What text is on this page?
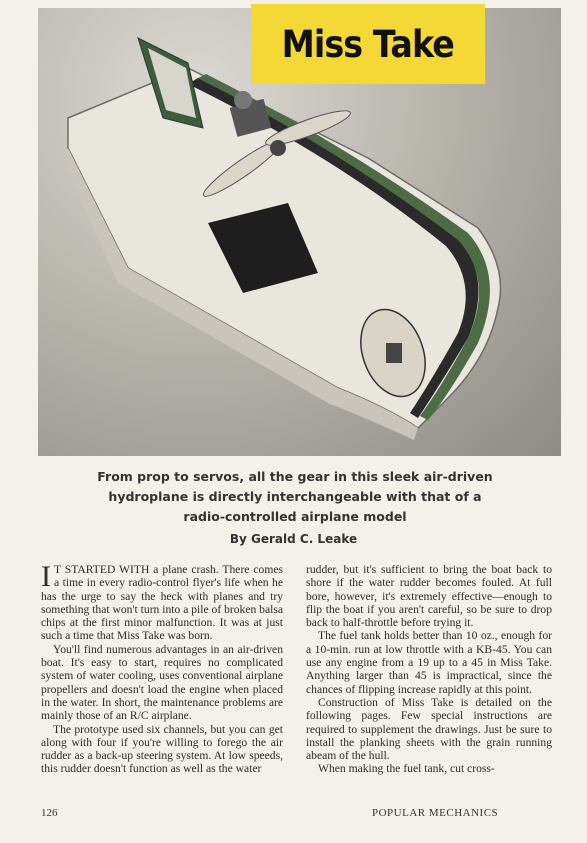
Miss Take
From prop to servos, all the gear in this sleek air-driven hydroplane is directly interchangeable with that of a radio-controlled airplane model
By Gerald C. Leake

I T STARTED WITH a plane crash. There comes a time in every radio-control flyer's life when he has the urge to say the heck with planes and try something that won't turn into a pile of broken balsa chips at the first minor malfunction. It was at just such a time that Miss Take was born.

You'll find numerous advantages in an air-driven boat. It's easy to start, requires no complicated system of water cooling, uses conventional airplane propellers and doesn't load the engine when placed in the water. In short, the maintenance problems are mainly those of an R/C airplane.

The prototype used six channels, but you can get along with four if you're willing to forego the air rudder as a back-up steering system. At low speeds, this rudder doesn't function as well as the water

rudder, but it's sufficient to bring the boat back to shore if the water rudder becomes fouled. At full bore, however, it's extremely effective—enough to flip the boat if you aren't careful, so be sure to drop back to half-throttle before trying it.

The fuel tank holds better than 10 oz., enough for a 10-min. run at low throttle with a KB-45. You can use any engine from a 19 up to a 45 in Miss Take. Anything larger than 45 is impractical, since the chances of flipping increase rapidly at this point.

Construction of Miss Take is detailed on the following pages. Few special instructions are required to supplement the drawings. Just be sure to install the planking sheets with the grain running abeam of the hull.

When making the fuel tank, cut cross-

126	POPULAR MECHANICS
